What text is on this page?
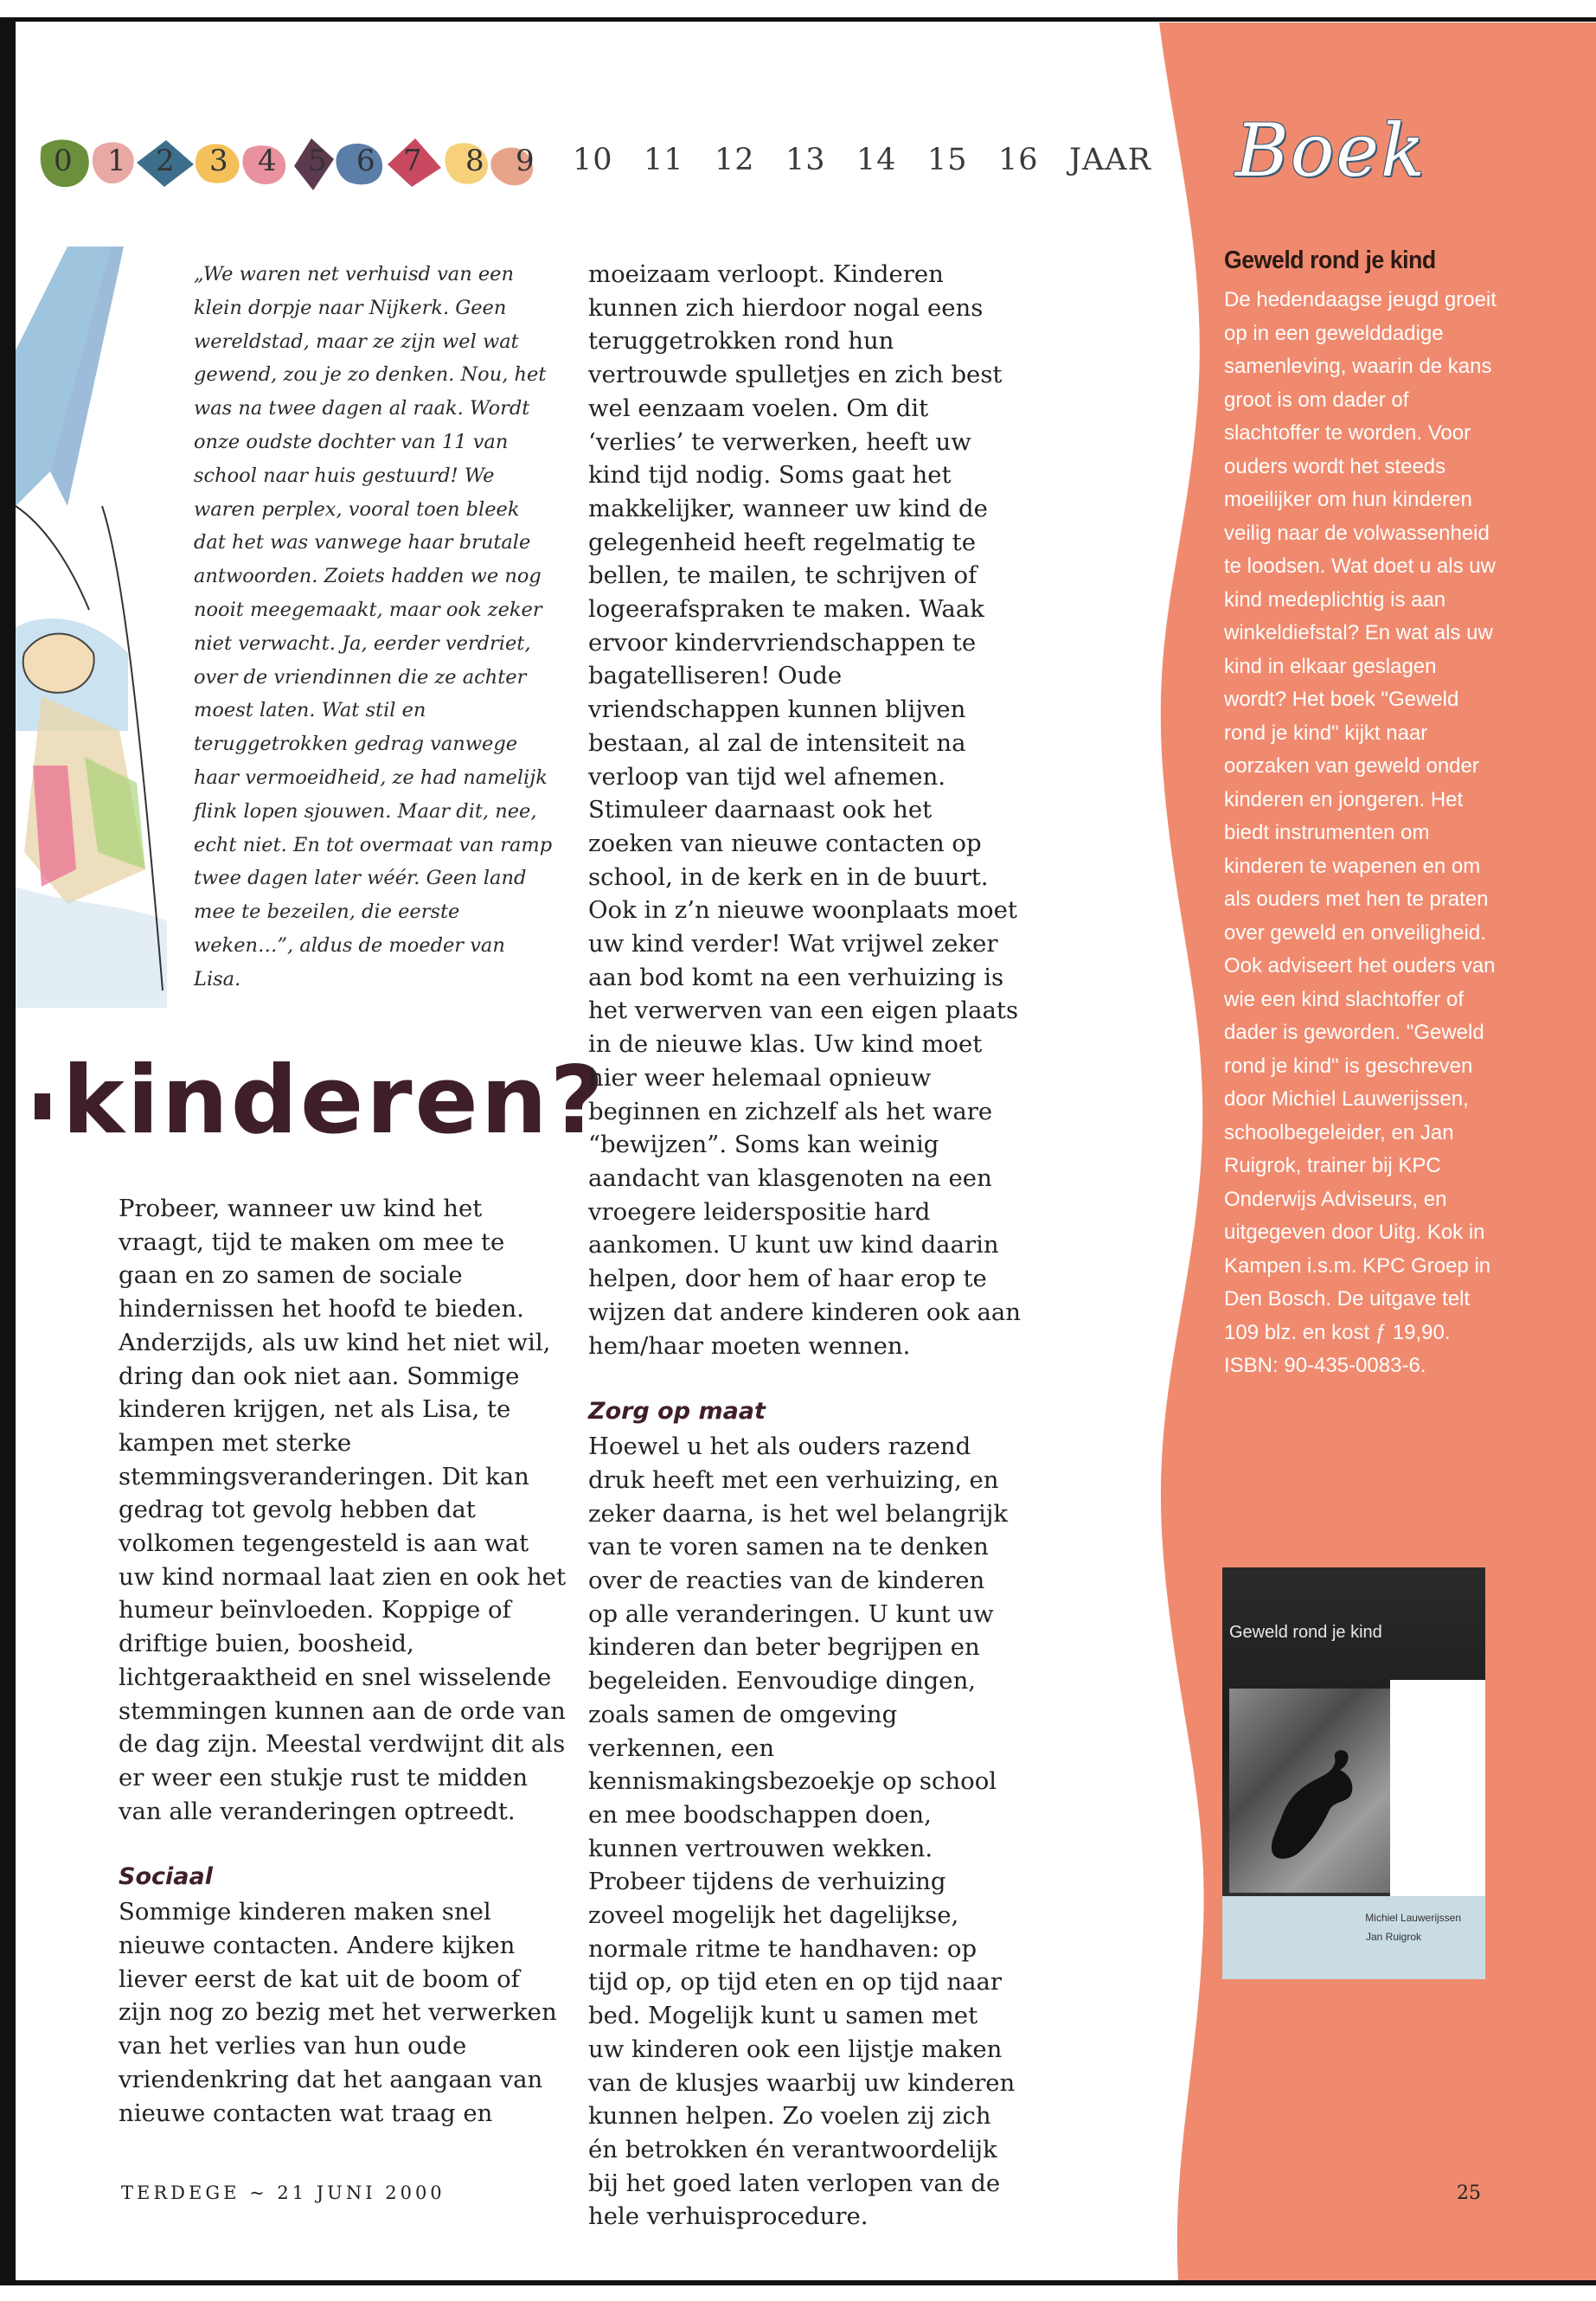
0 1 2 3 4 5 6 7 8 9 10 11 12 13 14 15 16 JAAR Boek
„We waren net verhuisd van een klein dorpje naar Nijkerk. Geen wereldstad, maar ze zijn wel wat gewend, zou je zo denken. Nou, het was na twee dagen al raak. Wordt onze oudste dochter van 11 van school naar huis gestuurd! We waren perplex, vooral toen bleek dat het was vanwege haar brutale antwoorden. Zoiets hadden we nog nooit meegemaakt, maar ook zeker niet verwacht. Ja, eerder verdriet, over de vriendinnen die ze achter moest laten. Wat stil en teruggetrokken gedrag vanwege haar vermoeidheid, ze had namelijk flink lopen sjouwen. Maar dit, nee, echt niet. En tot overmaat van ramp twee dagen later wéér. Geen land mee te bezeilen, die eerste weken…”, aldus de moeder van Lisa.
kinderen?

Probeer, wanneer uw kind het vraagt, tijd te maken om mee te gaan en zo samen de sociale hindernissen het hoofd te bieden. Anderzijds, als uw kind het niet wil, dring dan ook niet aan. Sommige kinderen krijgen, net als Lisa, te kampen met sterke stemmingsveranderingen. Dit kan gedrag tot gevolg hebben dat volkomen tegengesteld is aan wat uw kind normaal laat zien en ook het humeur beïnvloeden. Koppige of driftige buien, boosheid, lichtgeraaktheid en snel wisselende stemmingen kunnen aan de orde van de dag zijn. Meestal verdwijnt dit als er weer een stukje rust te midden van alle veranderingen optreedt.

Sociaal

Sommige kinderen maken snel nieuwe contacten. Andere kijken liever eerst de kat uit de boom of zijn nog zo bezig met het verwerken van het verlies van hun oude vriendenkring dat het aangaan van nieuwe contacten wat traag en

moeizaam verloopt. Kinderen kunnen zich hierdoor nogal eens teruggetrokken rond hun vertrouwde spulletjes en zich best wel eenzaam voelen. Om dit ‘verlies’ te verwerken, heeft uw kind tijd nodig. Soms gaat het makkelijker, wanneer uw kind de gelegenheid heeft regelmatig te bellen, te mailen, te schrijven of logeerafspraken te maken. Waak ervoor kindervriendschappen te bagatelliseren! Oude vriendschappen kunnen blijven bestaan, al zal de intensiteit na verloop van tijd wel afnemen. Stimuleer daarnaast ook het zoeken van nieuwe contacten op school, in de kerk en in de buurt. Ook in z’n nieuwe woonplaats moet uw kind verder! Wat vrijwel zeker aan bod komt na een verhuizing is het verwerven van een eigen plaats in de nieuwe klas. Uw kind moet hier weer helemaal opnieuw beginnen en zichzelf als het ware “bewijzen”. Soms kan weinig aandacht van klasgenoten na een vroegere leiderspositie hard aankomen. U kunt uw kind daarin helpen, door hem of haar erop te wijzen dat andere kinderen ook aan hem/haar moeten wennen.

Zorg op maat

Hoewel u het als ouders razend druk heeft met een verhuizing, en zeker daarna, is het wel belangrijk van te voren samen na te denken over de reacties van de kinderen op alle veranderingen. U kunt uw kinderen dan beter begrijpen en begeleiden. Eenvoudige dingen, zoals samen de omgeving verkennen, een kennismakingsbezoekje op school en mee boodschappen doen, kunnen vertrouwen wekken. Probeer tijdens de verhuizing zoveel mogelijk het dagelijkse, normale ritme te handhaven: op tijd op, op tijd eten en op tijd naar bed. Mogelijk kunt u samen met uw kinderen ook een lijstje maken van de klusjes waarbij uw kinderen kunnen helpen. Zo voelen zij zich én betrokken én verantwoordelijk bij het goed laten verlopen van de hele verhuisprocedure.

Geweld rond je kind
De hedendaagse jeugd groeit op in een gewelddadige samenleving, waarin de kans groot is om dader of slachtoffer te worden. Voor ouders wordt het steeds moeilijker om hun kinderen veilig naar de volwassenheid te loodsen. Wat doet u als uw kind medeplichtig is aan winkeldiefstal? En wat als uw kind in elkaar geslagen wordt? Het boek "Geweld rond je kind" kijkt naar oorzaken van geweld onder kinderen en jongeren. Het biedt instrumenten om kinderen te wapenen en om als ouders met hen te praten over geweld en onveiligheid. Ook adviseert het ouders van wie een kind slachtoffer of dader is geworden. "Geweld rond je kind" is geschreven door Michiel Lauwerijssen, schoolbegeleider, en Jan Ruigrok, trainer bij KPC Onderwijs Adviseurs, en uitgegeven door Uitg. Kok in Kampen i.s.m. KPC Groep in Den Bosch. De uitgave telt 109 blz. en kost ƒ 19,90. ISBN: 90-435-0083-6.
Geweld rond je kind
Michiel Lauwerijssen
Jan Ruigrok
TERDEGE ~ 21 JUNI 2000	25
